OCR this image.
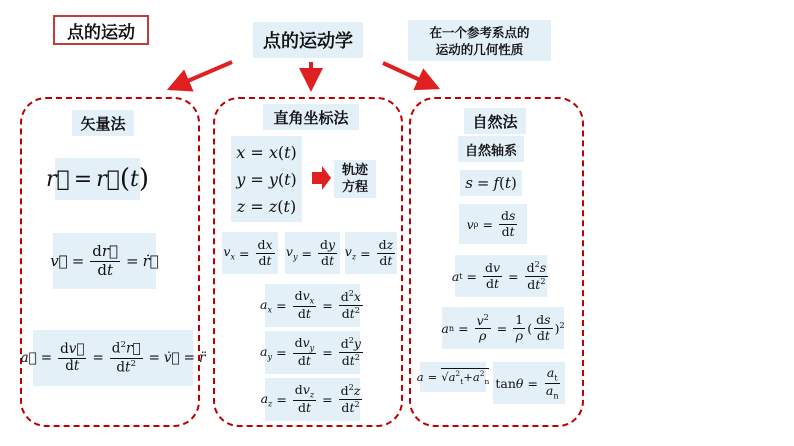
点的运动	点的运动学	在一个参考系点的
运动的几何性质
矢量法
r⃗ = r⃗ ( t )
v⃗ = $\frac{dr⃗}{dt}$ = ṙ⃗
a⃗ = $\frac{dv⃗}{dt} = \frac{d^2r⃗}{dt^2}$ = v̇⃗ = r̈
直角坐标法
x = x(t)
y = y(t)
z = z(t)
轨迹
方程
$v_x = \frac{dx}{dt} v_y = \frac{dy}{dt} v_z = \frac{dz}{dt}$
$a_x$ =
$dv_x$
dt
= $\frac{d^2x}{dt^2}$
$a_y$ =
$dv_y$
dt
= $\frac{d^2y}{dt^2}$
$a_z$ =
$dv_z$
dt
= $\frac{d^2z}{dt^2}$
自然法
自然轴系
s = f ( t )
v $\rho = \frac{ds}{dt}$
a $t = \frac{dv}{dt} = \frac{d^2s}{dt^2}$
a $n = \frac{v^2}{\rho} = \frac{1}{\rho}$ (
ds
dt )$^2$
$a = √a^2_t+a^2_n$ $\tan \theta = \frac{a_t}{a_n}$
